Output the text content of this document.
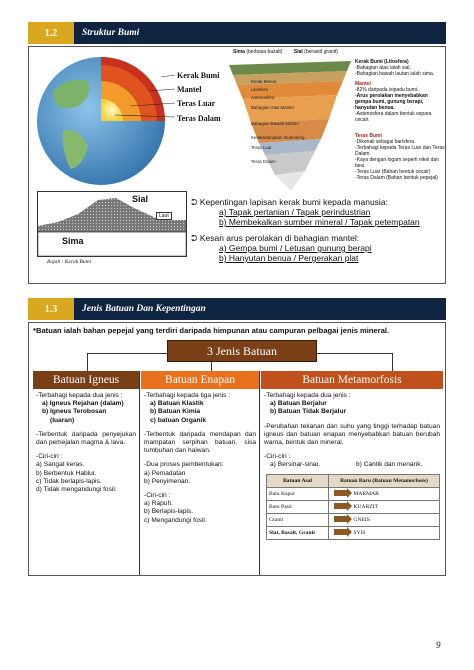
1.2	Struktur Bumi
Kerak Bumi
Mantel
Teras Luar
Teras Dalam
Sima (berbasa bazalt) Sial (berasid granit)
Kerak Benua
Litosfera
Astenosfera
Bahagian Atas Mantel
Bahagian Bawah Mantel
Ketakselanjaran Gutenberg
Teras Luar
Teras Dalam
Kerak Bumi (Litosfera)
-Bahagian atas ialah sial.
-Bahagian bawah lautan ialah sima.
Mantel
-82% daripada isipadu bumi.
-Arus perolakan menyebabkan gempa bumi, gunung berapi, hanyutan benua.
-Astenosfera dalam bentuk separa cecair.
Teras Bumi
-Dikenali sebagai barisfera.
-Terbahagi kepada Teras Luar dan Teras Dalam.
-Kaya dengan logam seperti nikel dan besi.
-Teras Luar (Bahan bentuk cecair)
-Teras Dalam (Bahan bentuk pepejal)
Sial
Laut
Sima
Rajah : Kerak Bumi
⮊ Kepentingan lapisan kerak bumi kepada manusia:
a) Tapak pertanian / Tapak perindustrian
b) Membekalkan sumber mineral / Tapak petempatan
⮊ Kesan arus perolakan di bahagian mantel:
a) Gempa bumi / Letusan gunung berapi
b) Hanyutan benua / Pergerakan plat
1.3	Jenis Batuan Dan Kepentingan
*Batuan ialah bahan pepejal yang terdiri daripada himpunan atau campuran pelbagai jenis mineral.
3 Jenis Batuan
Batuan Igneus	Batuan Enapan	Batuan Metamorfosis

-Terbahagi kepada dua jenis :
a) Igneus Rejahan (dalam)
b) Igneus Terobosan
(luaran)

-Terbentuk daripada penyejukan dan pemejalan magma & lava.

-Ciri-ciri :
a) Sangat keras.
b) Berbentuk Hablur.
c) Tidak berlapis-lapis.
d) Tidak mengandungi fosil.

-Terbahagi kepada tiga jenis :
a) Batuan Klastik
b) Batuan Kimia
c) batuan Organik

-Terbentuk daripada mendapan dan mampatan serpihan batuan, sisa tumbuhan dan haiwan.

-Dua proses pembentukan:
a) Pemadatan
b) Penyimenan.

-Ciri-ciri :
a) Rapuh.
b) Berlapis-lapis.
c) Mengandungi fosil.

-Terbahagi kepada dua jenis :
a) Batuan Berjalur
b) Batuan Tidak Berjalur

-Perubahan tekanan dan suhu yang tinggi terhadap batuan igneus dan batuan enapan menyebabkan batuan berubah warna, bentuk dan mineral.

-Ciri-ciri :
a) Bersinar-sinar.	b) Cantik dan menarik.

Batuan Asal	Batuan Baru (Batuan Metamorfosis)
Batu Kapur	MARMAR
Batu Pasir	KUARZIT
Granit	GNEIS
Slat, Basalt, Granit	SYIS
9
